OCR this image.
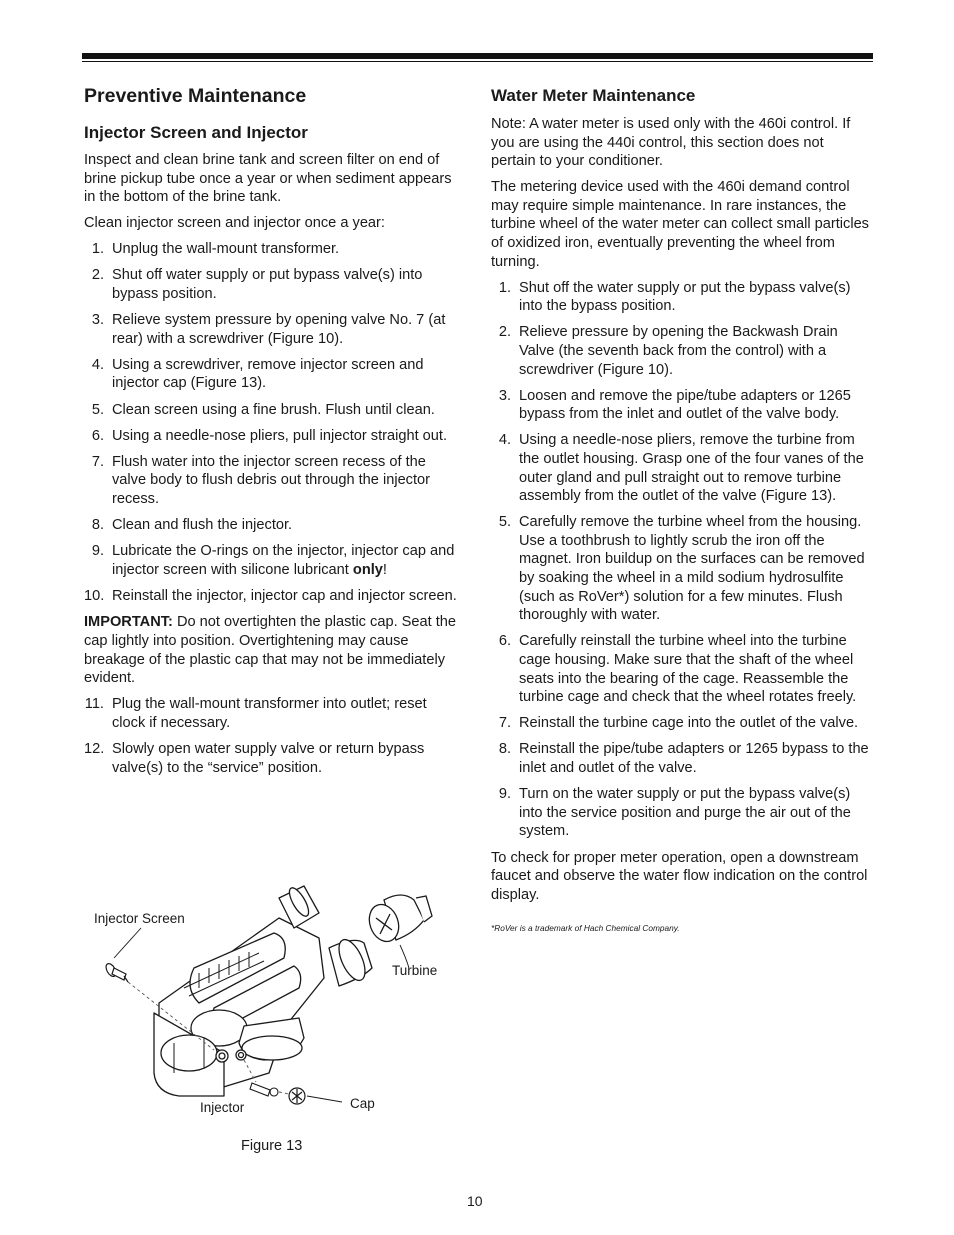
Preventive Maintenance
Injector Screen and Injector

Inspect and clean brine tank and screen filter on end of brine pickup tube once a year or when sediment appears in the bottom of the brine tank.

Clean injector screen and injector once a year:

1. Unplug the wall-mount transformer.
2. Shut off water supply or put bypass valve(s) into bypass position.
3. Relieve system pressure by opening valve No. 7 (at rear) with a screwdriver (Figure 10).
4. Using a screwdriver, remove injector screen and injector cap (Figure 13).
5. Clean screen using a fine brush. Flush until clean.
6. Using a needle-nose pliers, pull injector straight out.
7. Flush water into the injector screen recess of the valve body to flush debris out through the injector recess.
8. Clean and flush the injector.
9. Lubricate the O-rings on the injector, injector cap and injector screen with silicone lubricant only!
10. Reinstall the injector, injector cap and injector screen.

IMPORTANT: Do not overtighten the plastic cap. Seat the cap lightly into position. Overtightening may cause breakage of the plastic cap that may not be immediately evident.

11. Plug the wall-mount transformer into outlet; reset clock if necessary.
12. Slowly open water supply valve or return bypass valve(s) to the “service” position.
Injector Screen
Turbine
Injector	Cap
Figure 13
Water Meter Maintenance

Note: A water meter is used only with the 460i control. If you are using the 440i control, this section does not pertain to your conditioner.

The metering device used with the 460i demand control may require simple maintenance. In rare instances, the turbine wheel of the water meter can collect small particles of oxidized iron, eventually preventing the wheel from turning.

1. Shut off the water supply or put the bypass valve(s) into the bypass position.
2. Relieve pressure by opening the Backwash Drain Valve (the seventh back from the control) with a screwdriver (Figure 10).
3. Loosen and remove the pipe/tube adapters or 1265 bypass from the inlet and outlet of the valve body.
4. Using a needle-nose pliers, remove the turbine from the outlet housing. Grasp one of the four vanes of the outer gland and pull straight out to remove turbine assembly from the outlet of the valve (Figure 13).
5. Carefully remove the turbine wheel from the housing. Use a toothbrush to lightly scrub the iron off the magnet. Iron buildup on the surfaces can be removed by soaking the wheel in a mild sodium hydrosulfite (such as RoVer*) solution for a few minutes. Flush thoroughly with water.
6. Carefully reinstall the turbine wheel into the turbine cage housing. Make sure that the shaft of the wheel seats into the bearing of the cage. Reassemble the turbine cage and check that the wheel rotates freely.
7. Reinstall the turbine cage into the outlet of the valve.
8. Reinstall the pipe/tube adapters or 1265 bypass to the inlet and outlet of the valve.
9. Turn on the water supply or put the bypass valve(s) into the service position and purge the air out of the system.

To check for proper meter operation, open a downstream faucet and observe the water flow indication on the control display.

*RoVer is a trademark of Hach Chemical Company.
10
